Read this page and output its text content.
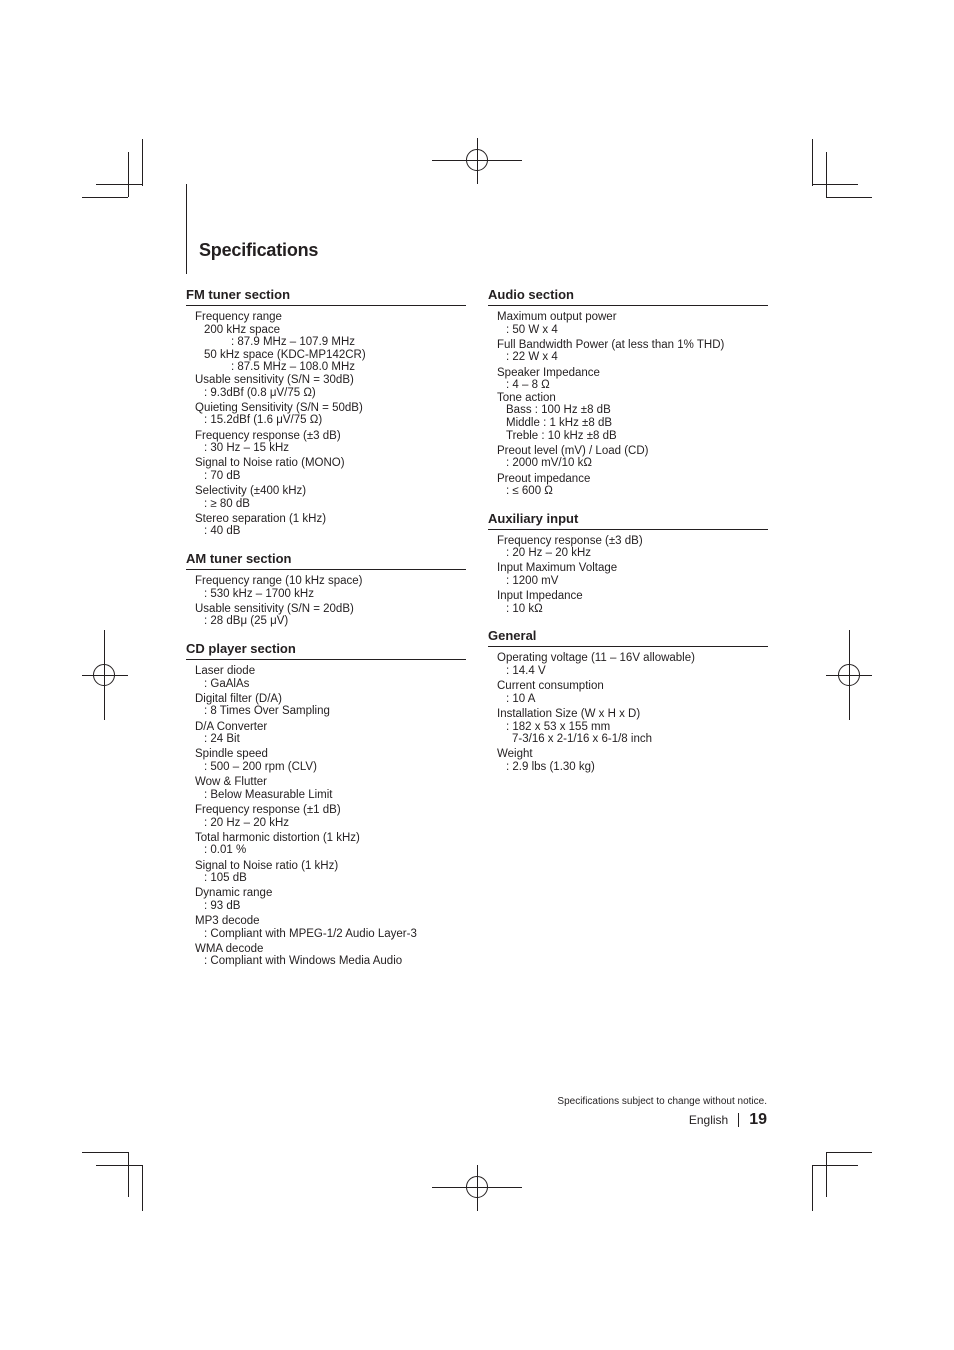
Specifications
FM tuner section
Frequency range
200 kHz space
: 87.9 MHz – 107.9 MHz
50 kHz space (KDC-MP142CR)
: 87.5 MHz – 108.0 MHz
Usable sensitivity (S/N = 30dB)
: 9.3dBf (0.8 μV/75 Ω)
Quieting Sensitivity (S/N = 50dB)
: 15.2dBf (1.6 μV/75 Ω)
Frequency response (±3 dB)
: 30 Hz – 15 kHz
Signal to Noise ratio (MONO)
: 70 dB
Selectivity (±400 kHz)
: ≥ 80 dB
Stereo separation (1 kHz)
: 40 dB
AM tuner section
Frequency range (10 kHz space)
: 530 kHz – 1700 kHz
Usable sensitivity (S/N = 20dB)
: 28 dBμ (25 μV)
CD player section
Laser diode
: GaAlAs
Digital filter (D/A)
: 8 Times Over Sampling
D/A Converter
: 24 Bit
Spindle speed
: 500 – 200 rpm (CLV)
Wow & Flutter
: Below Measurable Limit
Frequency response (±1 dB)
: 20 Hz – 20 kHz
Total harmonic distortion (1 kHz)
: 0.01 %
Signal to Noise ratio (1 kHz)
: 105 dB
Dynamic range
: 93 dB
MP3 decode
: Compliant with MPEG-1/2 Audio Layer-3
WMA decode
: Compliant with Windows Media Audio
Audio section
Maximum output power
: 50 W x 4
Full Bandwidth Power (at less than 1% THD)
: 22 W x 4
Speaker Impedance
: 4 – 8 Ω
Tone action
Bass : 100 Hz ±8 dB
Middle : 1 kHz ±8 dB
Treble : 10 kHz ±8 dB
Preout level (mV) / Load (CD)
: 2000 mV/10 kΩ
Preout impedance
: ≤ 600 Ω
Auxiliary input
Frequency response (±3 dB)
: 20 Hz – 20 kHz
Input Maximum Voltage
: 1200 mV
Input Impedance
: 10 kΩ
General
Operating voltage (11 – 16V allowable)
: 14.4 V
Current consumption
: 10 A
Installation Size (W x H x D)
: 182 x 53 x 155 mm
7-3/16 x 2-1/16 x 6-1/8 inch
Weight
: 2.9 lbs (1.30 kg)
Specifications subject to change without notice.
English 19
